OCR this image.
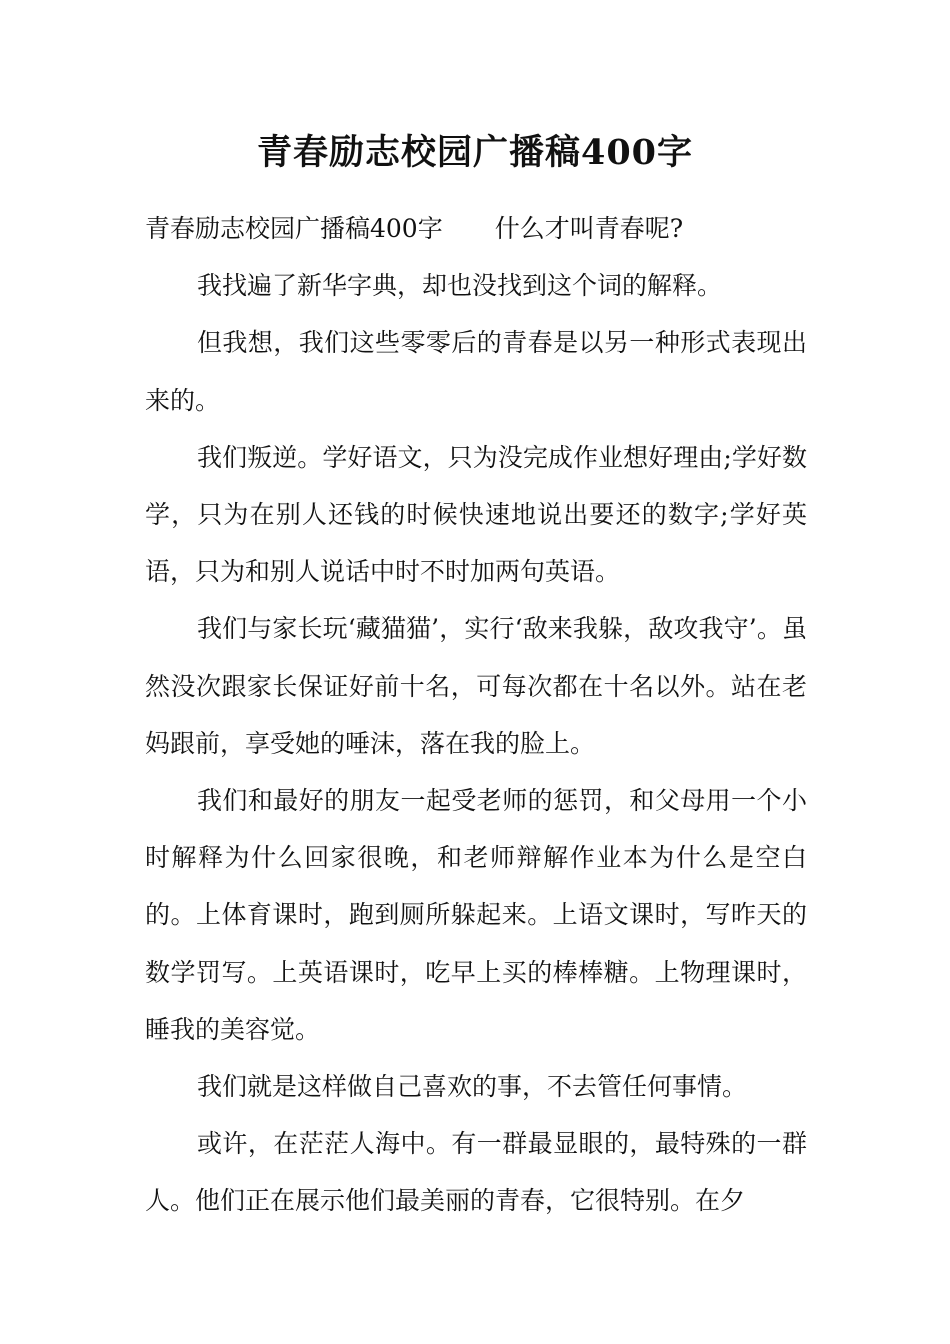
青春励志校园广播稿400字

青春励志校园广播稿400字 什么才叫青春呢?

我找遍了新华字典，却也没找到这个词的解释。

但我想，我们这些零零后的青春是以另一种形式表现出来的。

我们叛逆。学好语文，只为没完成作业想好理由;学好数学，只为在别人还钱的时候快速地说出要还的数字;学好英语，只为和别人说话中时不时加两句英语。

我们与家长玩‘藏猫猫’，实行‘敌来我躲，敌攻我守’。虽然没次跟家长保证好前十名，可每次都在十名以外。站在老妈跟前，享受她的唾沫，落在我的脸上。

我们和最好的朋友一起受老师的惩罚，和父母用一个小时解释为什么回家很晚，和老师辩解作业本为什么是空白的。上体育课时，跑到厕所躲起来。上语文课时，写昨天的数学罚写。上英语课时，吃早上买的棒棒糖。上物理课时，睡我的美容觉。

我们就是这样做自己喜欢的事，不去管任何事情。

或许，在茫茫人海中。有一群最显眼的，最特殊的一群人。他们正在展示他们最美丽的青春，它很特别。在夕
